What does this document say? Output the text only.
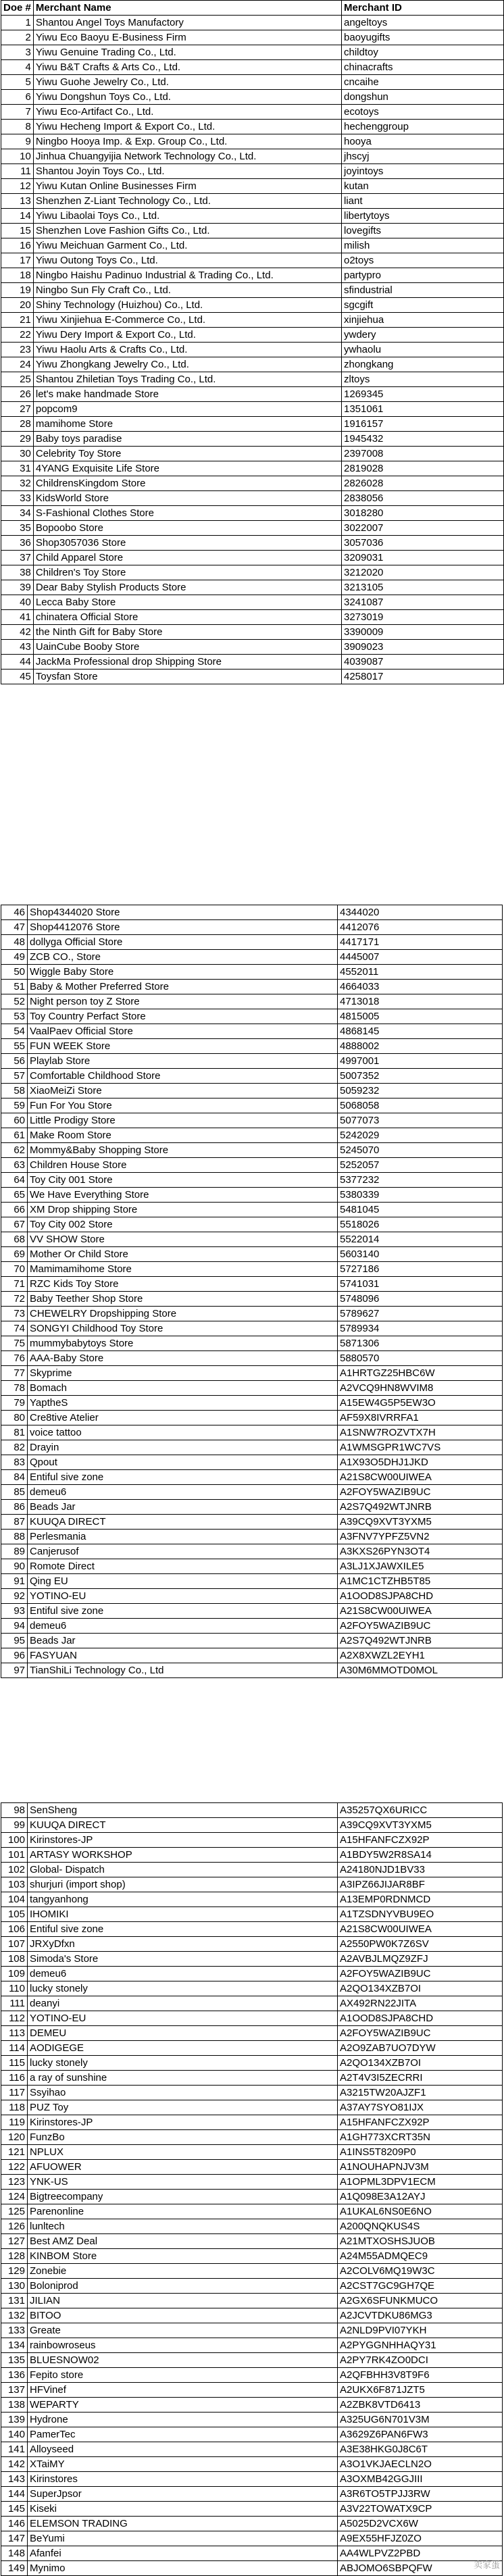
Doe #	Merchant Name	Merchant ID
1	Shantou Angel Toys Manufactory	angeltoys
2	Yiwu Eco Baoyu E-Business Firm	baoyugifts
3	Yiwu Genuine Trading Co., Ltd.	childtoy
4	Yiwu B&T Crafts & Arts Co., Ltd.	chinacrafts
5	Yiwu Guohe Jewelry Co., Ltd.	cncaihe
6	Yiwu Dongshun Toys Co., Ltd.	dongshun
7	Yiwu Eco-Artifact Co., Ltd.	ecotoys
8	Yiwu Hecheng Import & Export Co., Ltd.	hechenggroup
9	Ningbo Hooya Imp. & Exp. Group Co., Ltd.	hooya
10	Jinhua Chuangyijia Network Technology Co., Ltd.	jhscyj
11	Shantou Joyin Toys Co., Ltd.	joyintoys
12	Yiwu Kutan Online Businesses Firm	kutan
13	Shenzhen Z-Liant Technology Co., Ltd.	liant
14	Yiwu Libaolai Toys Co., Ltd.	libertytoys
15	Shenzhen Love Fashion Gifts Co., Ltd.	lovegifts
16	Yiwu Meichuan Garment Co., Ltd.	milish
17	Yiwu Outong Toys Co., Ltd.	o2toys
18	Ningbo Haishu Padinuo Industrial & Trading Co., Ltd.	partypro
19	Ningbo Sun Fly Craft Co., Ltd.	sfindustrial
20	Shiny Technology (Huizhou) Co., Ltd.	sgcgift
21	Yiwu Xinjiehua E-Commerce Co., Ltd.	xinjiehua
22	Yiwu Dery Import & Export Co., Ltd.	ywdery
23	Yiwu Haolu Arts & Crafts Co., Ltd.	ywhaolu
24	Yiwu Zhongkang Jewelry Co., Ltd.	zhongkang
25	Shantou Zhiletian Toys Trading Co., Ltd.	zltoys
26	let's make handmade Store	1269345
27	popcom9	1351061
28	mamihome Store	1916157
29	Baby toys paradise	1945432
30	Celebrity Toy Store	2397008
31	4YANG Exquisite Life Store	2819028
32	ChildrensKingdom Store	2826028
33	KidsWorld Store	2838056
34	S-Fashional Clothes Store	3018280
35	Bopoobo Store	3022007
36	Shop3057036 Store	3057036
37	Child Apparel Store	3209031
38	Children's Toy Store	3212020
39	Dear Baby Stylish Products Store	3213105
40	Lecca Baby Store	3241087
41	chinatera Official Store	3273019
42	the Ninth Gift for Baby Store	3390009
43	UainCube Booby Store	3909023
44	JackMa Professional drop Shipping Store	4039087
45	Toysfan Store	4258017
46	Shop4344020 Store	4344020
47	Shop4412076 Store	4412076
48	dollyga Official Store	4417171
49	ZCB CO., Store	4445007
50	Wiggle Baby Store	4552011
51	Baby & Mother Preferred Store	4664033
52	Night person toy Z Store	4713018
53	Toy Country Perfact Store	4815005
54	VaalPaev Official Store	4868145
55	FUN WEEK Store	4888002
56	Playlab Store	4997001
57	Comfortable Childhood Store	5007352
58	XiaoMeiZi Store	5059232
59	Fun For You Store	5068058
60	Little Prodigy Store	5077073
61	Make Room Store	5242029
62	Mommy&Baby Shopping Store	5245070
63	Children House Store	5252057
64	Toy City 001 Store	5377232
65	We Have Everything Store	5380339
66	XM Drop shipping Store	5481045
67	Toy City 002 Store	5518026
68	VV SHOW Store	5522014
69	Mother Or Child Store	5603140
70	Mamimamihome Store	5727186
71	RZC Kids Toy Store	5741031
72	Baby Teether Shop Store	5748096
73	CHEWELRY Dropshipping Store	5789627
74	SONGYI Childhood Toy Store	5789934
75	mummybabytoys Store	5871306
76	AAA-Baby Store	5880570
77	Skyprime	A1HRTGZ25HBC6W
78	Bomach	A2VCQ9HN8WVIM8
79	YaptheS	A15EW4G5P5EW3O
80	Cre8tive Atelier	AF59X8IVRRFA1
81	voice tattoo	A1SNW7ROZVTX7H
82	Drayin	A1WMSGPR1WC7VS
83	Qpout	A1X93O5DHJ1JKD
84	Entiful sive zone	A21S8CW00UIWEA
85	demeu6	A2FOY5WAZIB9UC
86	Beads Jar	A2S7Q492WTJNRB
87	KUUQA DIRECT	A39CQ9XVT3YXM5
88	Perlesmania	A3FNV7YPFZ5VN2
89	Canjerusof	A3KXS26PYN3OT4
90	Romote Direct	A3LJ1XJAWXILE5
91	Qing EU	A1MC1CTZHB5T85
92	YOTINO-EU	A1OOD8SJPA8CHD
93	Entiful sive zone	A21S8CW00UIWEA
94	demeu6	A2FOY5WAZIB9UC
95	Beads Jar	A2S7Q492WTJNRB
96	FASYUAN	A2X8XWZL2EYH1
97	TianShiLi Technology Co., Ltd	A30M6MMOTD0MOL
98	SenSheng	A35257QX6URICC
99	KUUQA DIRECT	A39CQ9XVT3YXM5
100	Kirinstores-JP	A15HFANFCZX92P
101	ARTASY WORKSHOP	A1BDY5W2R8SA14
102	Global- Dispatch	A24180NJD1BV33
103	shurjuri (import shop)	A3IPZ66JIJAR8BF
104	tangyanhong	A13EMP0RDNMCD
105	IHOMIKI	A1TZSDNYVBU9EO
106	Entiful sive zone	A21S8CW00UIWEA
107	JRXyDfxn	A2550PW0K7Z6SV
108	Simoda's Store	A2AVBJLMQZ9ZFJ
109	demeu6	A2FOY5WAZIB9UC
110	lucky stonely	A2QO134XZB7OI
111	deanyi	AX492RN22JITA
112	YOTINO-EU	A1OOD8SJPA8CHD
113	DEMEU	A2FOY5WAZIB9UC
114	AODIGEGE	A2O9ZAB7UO7DYW
115	lucky stonely	A2QO134XZB7OI
116	a ray of sunshine	A2T4V3I5ZECRRI
117	Ssyihao	A3215TW20AJZF1
118	PUZ Toy	A37AY7SYO81IJX
119	Kirinstores-JP	A15HFANFCZX92P
120	FunzBo	A1GH773XCRT35N
121	NPLUX	A1INS5T8209P0
122	AFUOWER	A1NOUHAPNJV3M
123	YNK-US	A1OPML3DPV1ECM
124	Bigtreecompany	A1Q098E3A12AYJ
125	Parenonline	A1UKAL6NS0E6NO
126	lunltech	A200QNQKUS4S
127	Best AMZ Deal	A21MTXOSHSJUOB
128	KINBOM Store	A24M55ADMQEC9
129	Zonebie	A2COLV6MQ19W3C
130	Boloniprod	A2CST7GC9GH7QE
131	JILIAN	A2GX6SFUNKMUCO
132	BITOO	A2JCVTDKU86MG3
133	Greate	A2NLD9PVI07YKH
134	rainbowroseus	A2PYGGNHHAQY31
135	BLUESNOW02	A2PY7RK4ZO0DCI
136	Fepito store	A2QFBHH3V8T9F6
137	HFVinef	A2UKX6F871JZT5
138	WEPARTY	A2ZBK8VTD6413
139	Hydrone	A325UG6N701V3M
140	PamerTec	A3629Z6PAN6FW3
141	Alloyseed	A3E38HKG0J8C6T
142	XTaiMY	A3O1VKJAECLN2O
143	Kirinstores	A3OXMB42GGJIII
144	SuperJpsor	A3R6TO5TPJJ3RW
145	Kiseki	A3V22TOWATX9CP
146	ELEMSON TRADING	A5025D2VCX6W
147	BeYumi	A9EX55HFJZ0ZO
148	Afanfei	AA4WLPVZ2PBD
149	Mynimo	ABJOMO6SBPQFW	卖家蛋
